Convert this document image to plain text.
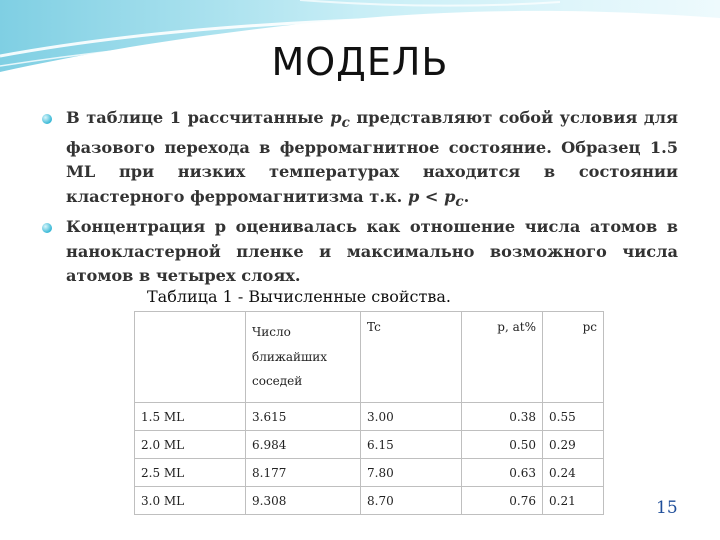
МОДЕЛЬ
В таблице 1 рассчитанные $p_c$ представляют собой условия для фазового перехода в ферромагнитное состояние. Образец 1.5 ML при низких температурах находится в состоянии кластерного ферромагнитизма т.к. $p < p_c$.
Концентрация p оценивалась как отношение числа атомов в нанокластерной пленке и максимально возможного числа атомов в четырех слоях.
Таблица 1 - Вычисленные свойства.

	Число ближайших соседей	Tc	p, at%	pc
1.5 ML	3.615	3.00	0.38	0.55
2.0 ML	6.984	6.15	0.50	0.29
2.5 ML	8.177	7.80	0.63	0.24
3.0 ML	9.308	8.70	0.76	0.21	15
